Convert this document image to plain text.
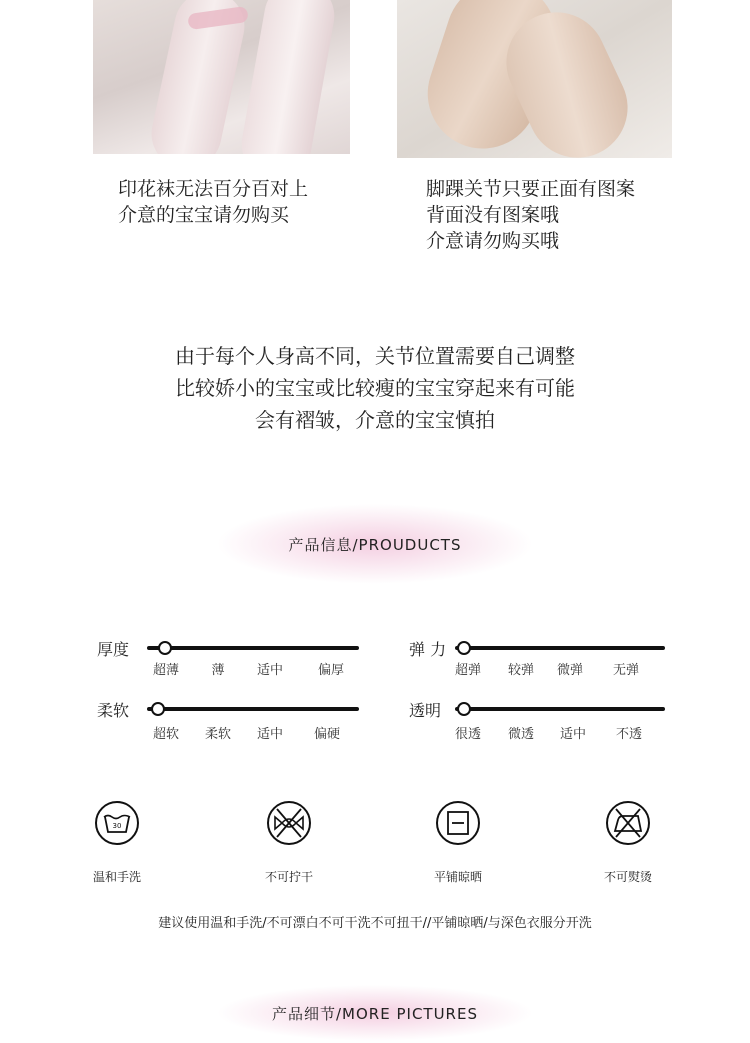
印花袜无法百分百对上
介意的宝宝请勿购买
脚踝关节只要正面有图案
背面没有图案哦
介意请勿购买哦
由于每个人身高不同，关节位置需要自己调整
比较娇小的宝宝或比较瘦的宝宝穿起来有可能
会有褶皱，介意的宝宝慎拍
产品信息/PROUDUCTS
厚度
超薄 薄 适中	偏厚
弹 力
超弹 较弹 微弹 无弹
柔软
超软 柔软 适中 偏硬
透明
很透 微透 适中 不透
30
温和手洗	不可拧干	平铺晾晒	不可熨烫
建议使用温和手洗/不可漂白不可干洗不可扭干//平铺晾晒/与深色衣服分开洗
产品细节/MORE PICTURES
